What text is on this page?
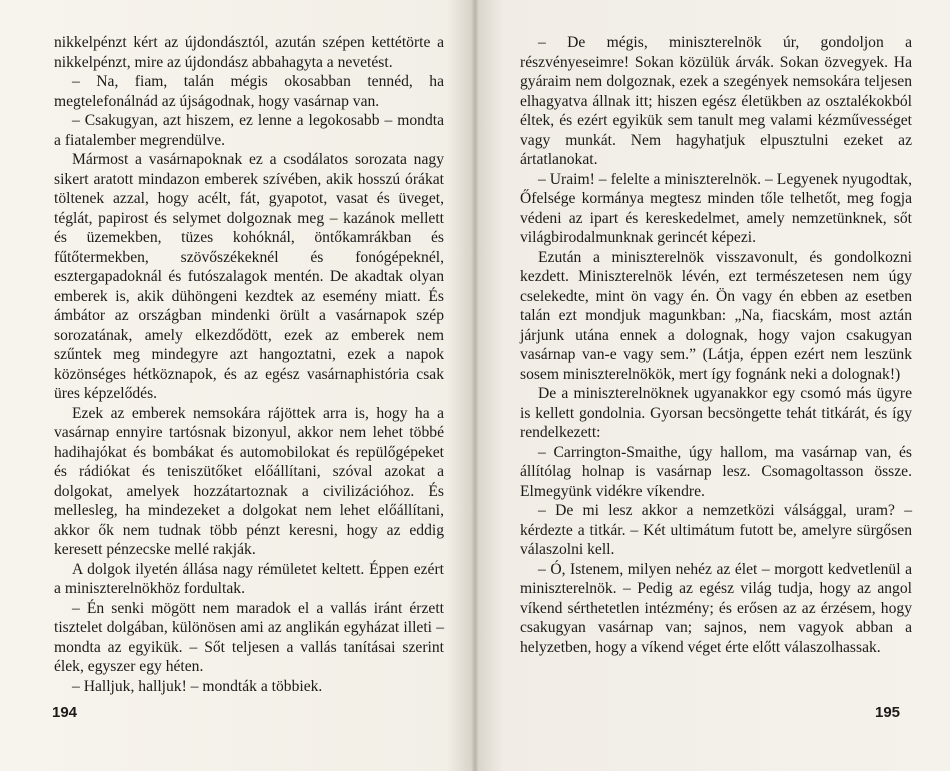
nikkelpénzt kért az újdondásztól, azután szépen kettétörte a nikkelpénzt, mire az újdondász abbahagyta a nevetést.

– Na, fiam, talán mégis okosabban tennéd, ha megtelefonálnád az újságodnak, hogy vasárnap van.

– Csakugyan, azt hiszem, ez lenne a legokosabb – mondta a fiatalember megrendülve.

Mármost a vasárnapoknak ez a csodálatos sorozata nagy sikert aratott mindazon emberek szívében, akik hosszú órákat töltenek azzal, hogy acélt, fát, gyapotot, vasat és üveget, téglát, papirost és selymet dolgoznak meg – kazánok mellett és üzemekben, tüzes kohóknál, öntőkamrákban és fűtőtermekben, szövőszékeknél és fonógépeknél, esztergapadoknál és futószalagok mentén. De akadtak olyan emberek is, akik dühöngeni kezdtek az esemény miatt. És ámbátor az országban mindenki örült a vasárnapok szép sorozatának, amely elkezdődött, ezek az emberek nem szűntek meg mindegyre azt hangoztatni, ezek a napok közönséges hétköznapok, és az egész vasárnaphistória csak üres képzelődés.

Ezek az emberek nemsokára rájöttek arra is, hogy ha a vasárnap ennyire tartósnak bizonyul, akkor nem lehet többé hadihajókat és bombákat és automobilokat és repülőgépeket és rádiókat és teniszütőket előállítani, szóval azokat a dolgokat, amelyek hozzátartoznak a civilizációhoz. És mellesleg, ha mindezeket a dolgokat nem lehet előállítani, akkor ők nem tudnak több pénzt keresni, hogy az eddig keresett pénzecske mellé rakják.

A dolgok ilyetén állása nagy rémületet keltett. Éppen ezért a miniszterelnökhöz fordultak.

– Én senki mögött nem maradok el a vallás iránt érzett tisztelet dolgában, különösen ami az anglikán egyházat illeti – mondta az egyikük. – Sőt teljesen a vallás tanításai szerint élek, egyszer egy héten.

– Halljuk, halljuk! – mondták a többiek.

194

– De mégis, miniszterelnök úr, gondoljon a részvényeseimre! Sokan közülük árvák. Sokan özvegyek. Ha gyáraim nem dolgoznak, ezek a szegények nemsokára teljesen elhagyatva állnak itt; hiszen egész életükben az osztalékokból éltek, és ezért egyikük sem tanult meg valami kézművességet vagy munkát. Nem hagyhatjuk elpusztulni ezeket az ártatlanokat.

– Uraim! – felelte a miniszterelnök. – Legyenek nyugodtak, Őfelsége kormánya megtesz minden tőle telhetőt, meg fogja védeni az ipart és kereskedelmet, amely nemzetünknek, sőt világbirodalmunknak gerincét képezi.

Ezután a miniszterelnök visszavonult, és gondolkozni kezdett. Miniszterelnök lévén, ezt természetesen nem úgy cselekedte, mint ön vagy én. Ön vagy én ebben az esetben talán ezt mondjuk magunkban: „Na, fiacskám, most aztán járjunk utána ennek a dolognak, hogy vajon csakugyan vasárnap van-e vagy sem.” (Látja, éppen ezért nem leszünk sosem miniszterelnökök, mert így fognánk neki a dolognak!)

De a miniszterelnöknek ugyanakkor egy csomó más ügyre is kellett gondolnia. Gyorsan becsöngette tehát titkárát, és így rendelkezett:

– Carrington-Smaithe, úgy hallom, ma vasárnap van, és állítólag holnap is vasárnap lesz. Csomagoltasson össze. Elmegyünk vidékre víkendre.

– De mi lesz akkor a nemzetközi válsággal, uram? – kérdezte a titkár. – Két ultimátum futott be, amelyre sürgősen válaszolni kell.

– Ó, Istenem, milyen nehéz az élet – morgott kedvetlenül a miniszterelnök. – Pedig az egész világ tudja, hogy az angol víkend sérthetetlen intézmény; és erősen az az érzésem, hogy csakugyan vasárnap van; sajnos, nem vagyok abban a helyzetben, hogy a víkend véget érte előtt válaszolhassak.

195
